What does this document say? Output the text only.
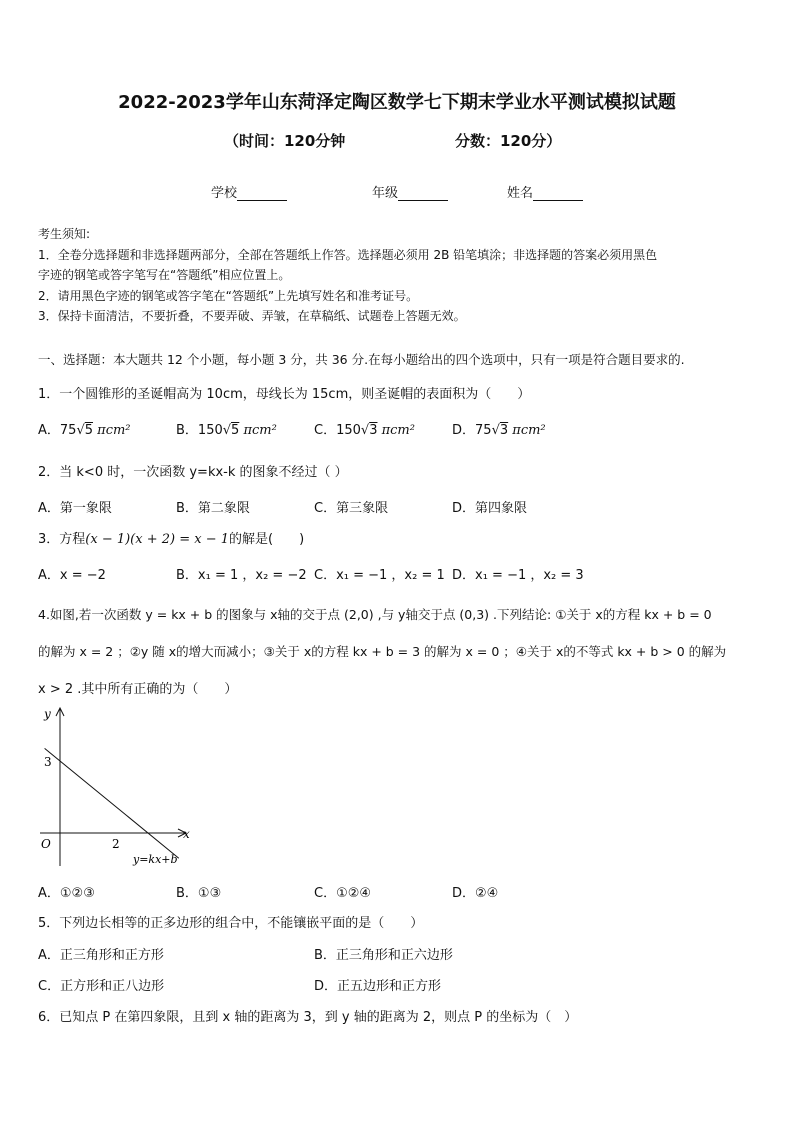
2022-2023学年山东菏泽定陶区数学七下期末学业水平测试模拟试题
（时间：120分钟	分数：120分）
学校	年级	姓名
考生须知:
1．全卷分选择题和非选择题两部分，全部在答题纸上作答。选择题必须用 2B 铅笔填涂；非选择题的答案必须用黑色
字迹的钢笔或答字笔写在“答题纸”相应位置上。
2．请用黑色字迹的钢笔或答字笔在“答题纸”上先填写姓名和准考证号。
3．保持卡面清洁，不要折叠，不要弄破、弄皱，在草稿纸、试题卷上答题无效。
一、选择题：本大题共 12 个小题，每小题 3 分，共 36 分.在每小题给出的四个选项中，只有一项是符合题目要求的.
1．一个圆锥形的圣诞帽高为 10cm，母线长为 15cm，则圣诞帽的表面积为（　　）
A．75√5 πcm²	B．150√5 πcm²	C．150√3 πcm²	D．75√3 πcm²
2．当 k<0 时，一次函数 y=kx-k 的图象不经过（ ）
A．第一象限	B．第二象限	C．第三象限	D．第四象限
3．方程(x − 1)(x + 2) = x − 1的解是(　　)
A．x = −2	B．x₁ = 1 ，x₂ = −2 C．x₁ = −1 ，x₂ = 1 D．x₁ = −1 ，x₂ = 3
4.如图,若一次函数 y = kx + b 的图象与 x轴的交于点 (2,0) ,与 y轴交于点 (0,3) .下列结论: ①关于 x的方程 kx + b = 0
的解为 x = 2 ；②y 随 x的增大而减小；③关于 x的方程 kx + b = 3 的解为 x = 0 ；④关于 x的不等式 kx + b > 0 的解为
x > 2 .其中所有正确的为（　　）
y
x
O
3
2
y=kx+b
A．①②③	B．①③	C．①②④	D．②④
5．下列边长相等的正多边形的组合中，不能镶嵌平面的是（　　）
A．正三角形和正方形	B．正三角形和正六边形
C．正方形和正八边形	D．正五边形和正方形
6．已知点 P 在第四象限，且到 x 轴的距离为 3，到 y 轴的距离为 2，则点 P 的坐标为（　）
